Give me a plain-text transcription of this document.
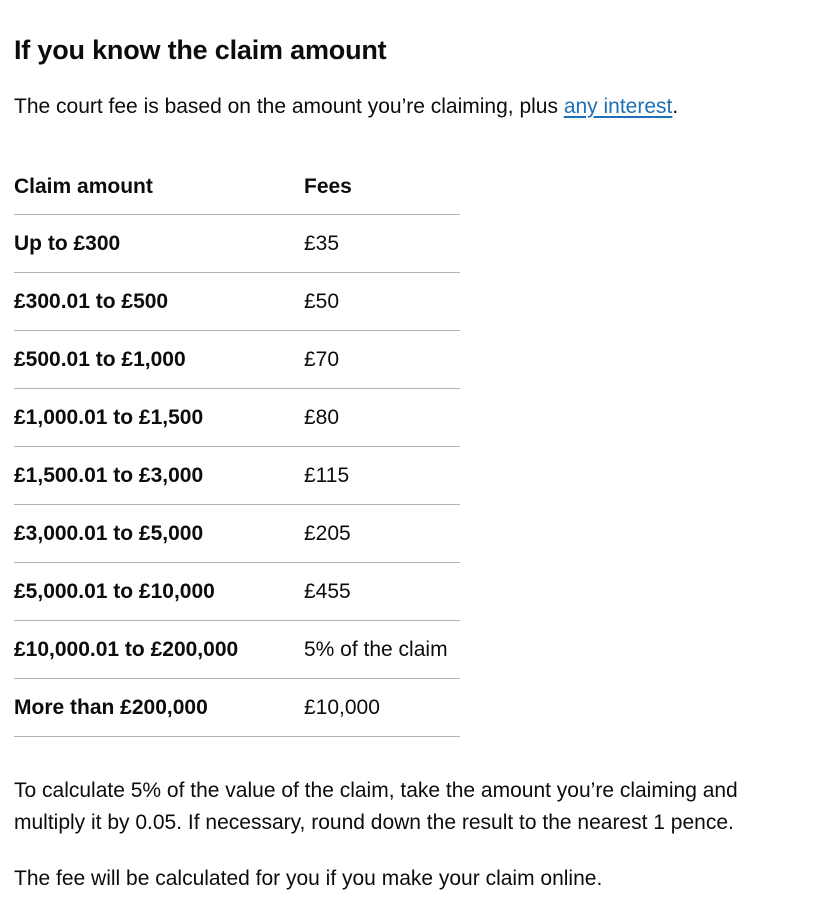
If you know the claim amount

The court fee is based on the amount you’re claiming, plus any interest.

Claim amount	Fees
Up to £300	£35
£300.01 to £500	£50
£500.01 to £1,000	£70
£1,000.01 to £1,500	£80
£1,500.01 to £3,000	£115
£3,000.01 to £5,000	£205
£5,000.01 to £10,000	£455
£10,000.01 to £200,000	5% of the claim
More than £200,000	£10,000

To calculate 5% of the value of the claim, take the amount you’re claiming and multiply it by 0.05. If necessary, round down the result to the nearest 1 pence.

The fee will be calculated for you if you make your claim online.
